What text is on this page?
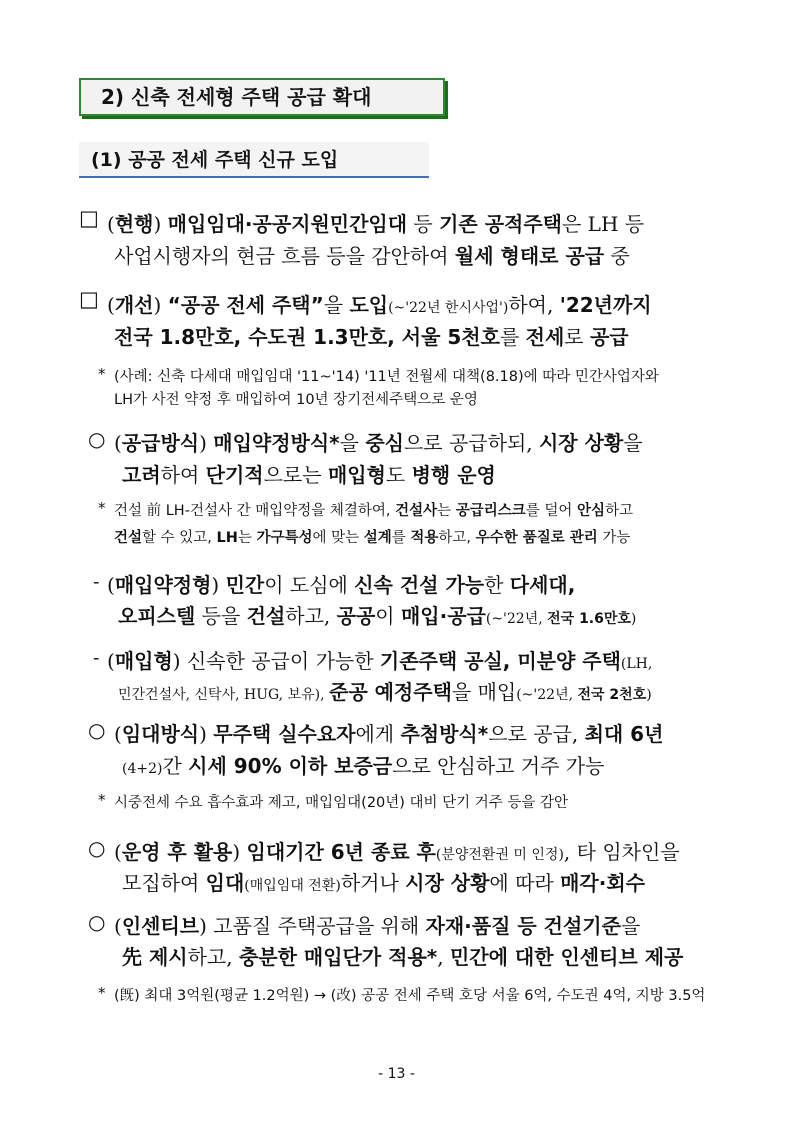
2) 신축 전세형 주택 공급 확대
(1) 공공 전세 주택 신규 도입
□ (현행) 매입임대·공공지원민간임대 등 기존 공적주택은 LH 등
사업시행자의 현금 흐름 등을 감안하여 월세 형태로 공급 중
□ (개선) “공공 전세 주택”을 도입(~'22년 한시사업')하여, '22년까지
전국 1.8만호, 수도권 1.3만호, 서울 5천호를 전세로 공급
* (사례: 신축 다세대 매입임대 '11~'14) '11년 전월세 대책(8.18)에 따라 민간사업자와
LH가 사전 약정 후 매입하여 10년 장기전세주택으로 운영
○ (공급방식) 매입약정방식*을 중심으로 공급하되, 시장 상황을
고려하여 단기적으로는 매입형도 병행 운영
* 건설 前 LH-건설사 간 매입약정을 체결하여, 건설사는 공급리스크를 덜어 안심하고
건설할 수 있고, LH는 가구특성에 맞는 설계를 적용하고, 우수한 품질로 관리 가능
- (매입약정형) 민간이 도심에 신속 건설 가능한 다세대,
오피스텔 등을 건설하고, 공공이 매입·공급(~'22년, 전국 1.6만호)
- (매입형) 신속한 공급이 가능한 기존주택 공실, 미분양 주택(LH,
민간건설사, 신탁사, HUG, 보유), 준공 예정주택을 매입(~'22년, 전국 2천호)
○ (임대방식) 무주택 실수요자에게 추첨방식*으로 공급, 최대 6년
(4+2)간 시세 90% 이하 보증금으로 안심하고 거주 가능
* 시중전세 수요 흡수효과 제고, 매입임대(20년) 대비 단기 거주 등을 감안
○ (운영 후 활용) 임대기간 6년 종료 후(분양전환권 미 인정), 타 임차인을
모집하여 임대(매입임대 전환)하거나 시장 상황에 따라 매각·회수
○ (인센티브) 고품질 주택공급을 위해 자재·품질 등 건설기준을
先 제시하고, 충분한 매입단가 적용*, 민간에 대한 인센티브 제공
* (旣) 최대 3억원(평균 1.2억원) → (改) 공공 전세 주택 호당 서울 6억, 수도권 4억, 지방 3.5억
- 13 -
